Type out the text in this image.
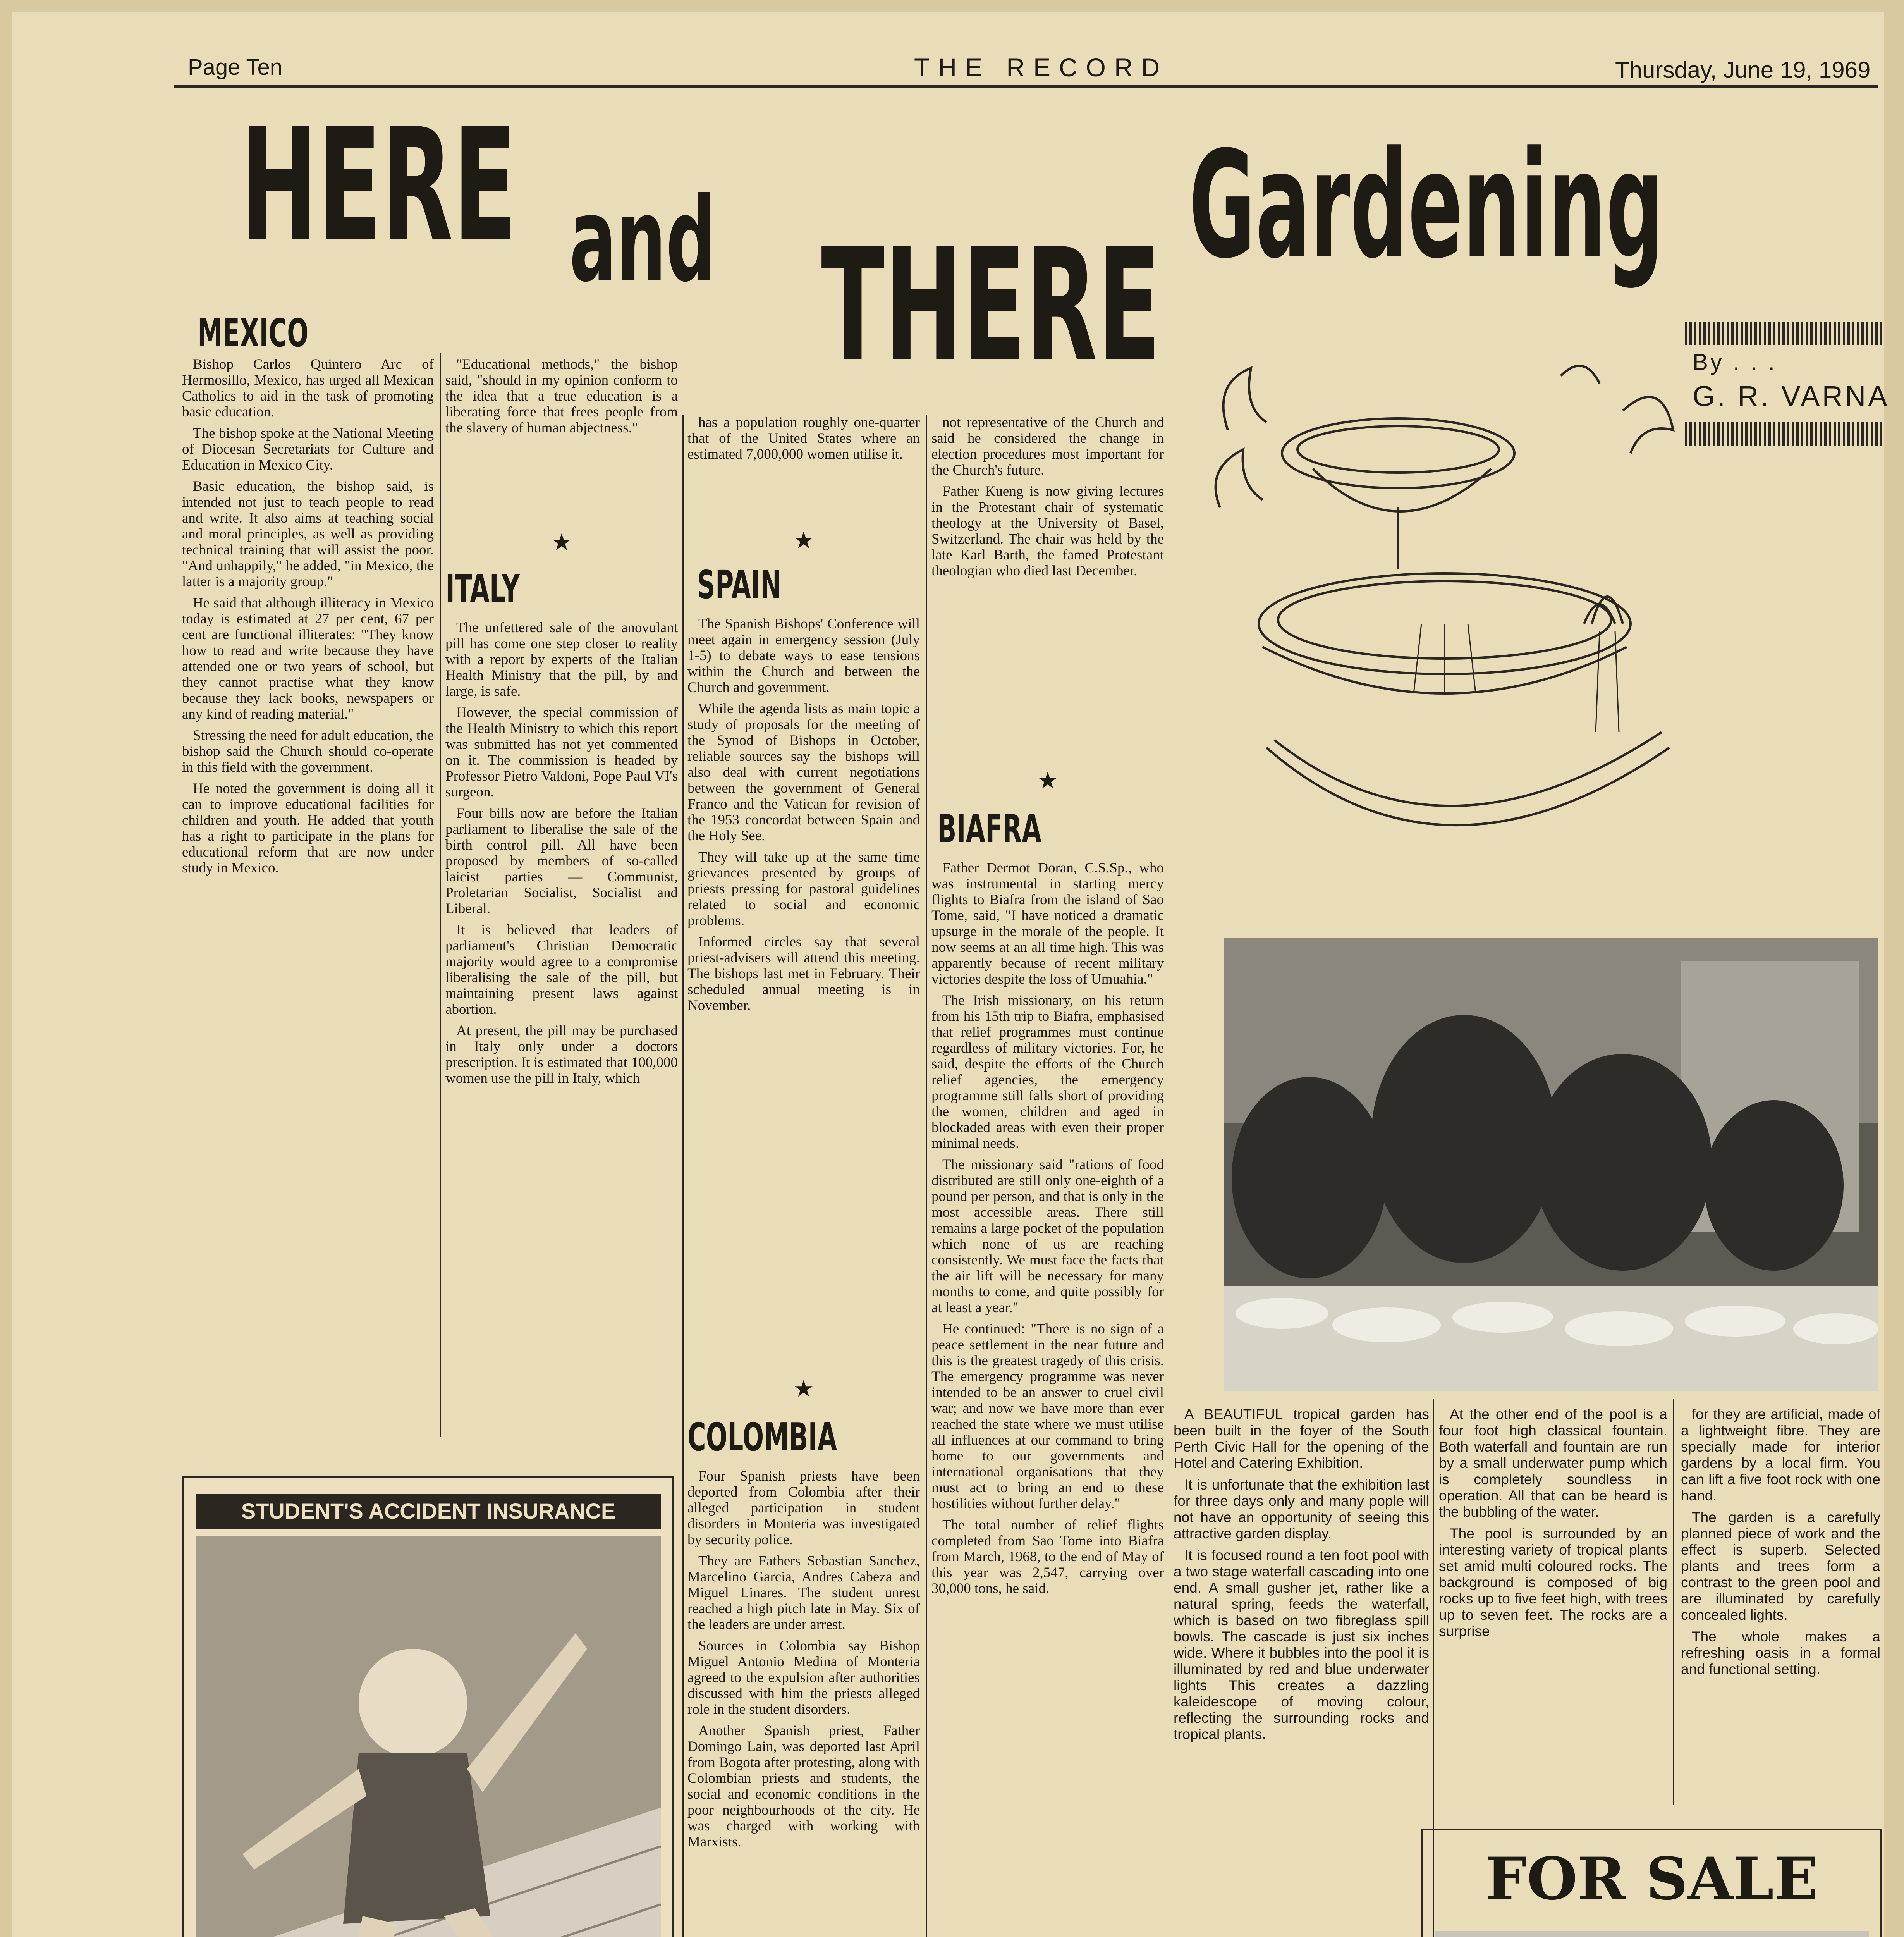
Page Ten	THE RECORD	Thursday, June 19, 1969
HERE and THERE
MEXICO

Bishop Carlos Quintero Arc of Hermosillo, Mexico, has urged all Mexican Catholics to aid in the task of promoting basic education.

The bishop spoke at the National Meeting of Diocesan Secretariats for Culture and Education in Mexico City.

Basic education, the bishop said, is intended not just to teach people to read and write. It also aims at teaching social and moral principles, as well as providing technical training that will assist the poor. "And unhappily," he added, "in Mexico, the latter is a majority group."

He said that although illiteracy in Mexico today is estimated at 27 per cent, 67 per cent are functional illiterates: "They know how to read and write because they have attended one or two years of school, but they cannot practise what they know because they lack books, newspapers or any kind of reading material."

Stressing the need for adult education, the bishop said the Church should co-operate in this field with the government.

He noted the government is doing all it can to improve educational facilities for children and youth. He added that youth has a right to participate in the plans for educational reform that are now under study in Mexico.

"Educational methods," the bishop said, "should in my opinion conform to the idea that a true education is a liberating force that frees people from the slavery of human abjectness."

★
ITALY

The unfettered sale of the anovulant pill has come one step closer to reality with a report by experts of the Italian Health Ministry that the pill, by and large, is safe.

However, the special commission of the Health Ministry to which this report was submitted has not yet commented on it. The commission is headed by Professor Pietro Valdoni, Pope Paul VI's surgeon.

Four bills now are before the Italian parliament to liberalise the sale of the birth control pill. All have been proposed by members of so-called laicist parties — Communist, Proletarian Socialist, Socialist and Liberal.

It is believed that leaders of parliament's Christian Democratic majority would agree to a compromise liberalising the sale of the pill, but maintaining present laws against abortion.

At present, the pill may be purchased in Italy only under a doctors prescription. It is estimated that 100,000 women use the pill in Italy, which

has a population roughly one-quarter that of the United States where an estimated 7,000,000 women utilise it.

★
SPAIN

The Spanish Bishops' Conference will meet again in emergency session (July 1-5) to debate ways to ease tensions within the Church and between the Church and government.

While the agenda lists as main topic a study of proposals for the meeting of the Synod of Bishops in October, reliable sources say the bishops will also deal with current negotiations between the government of General Franco and the Vatican for revision of the 1953 concordat between Spain and the Holy See.

They will take up at the same time grievances presented by groups of priests pressing for pastoral guidelines related to social and economic problems.

Informed circles say that several priest-advisers will attend this meeting. The bishops last met in February. Their scheduled annual meeting is in November.

★
COLOMBIA

Four Spanish priests have been deported from Colombia after their alleged participation in student disorders in Monteria was investigated by security police.

They are Fathers Sebastian Sanchez, Marcelino Garcia, Andres Cabeza and Miguel Linares. The student unrest reached a high pitch late in May. Six of the leaders are under arrest.

Sources in Colombia say Bishop Miguel Antonio Medina of Monteria agreed to the expulsion after authorities discussed with him the priests alleged role in the student disorders.

Another Spanish priest, Father Domingo Lain, was deported last April from Bogota after protesting, along with Colombian priests and students, the social and economic conditions in the poor neighbourhoods of the city. He was charged with working with Marxists.

not representative of the Church and said he considered the change in election procedures most important for the Church's future.

Father Kueng is now giving lectures in the Protestant chair of systematic theology at the University of Basel, Switzerland. The chair was held by the late Karl Barth, the famed Protestant theologian who died last December.

★
BIAFRA

Father Dermot Doran, C.S.Sp., who was instrumental in starting mercy flights to Biafra from the island of Sao Tome, said, "I have noticed a dramatic upsurge in the morale of the people. It now seems at an all time high. This was apparently because of recent military victories despite the loss of Umuahia."

The Irish missionary, on his return from his 15th trip to Biafra, emphasised that relief programmes must continue regardless of military victories. For, he said, despite the efforts of the Church relief agencies, the emergency programme still falls short of providing the women, children and aged in blockaded areas with even their proper minimal needs.

The missionary said "rations of food distributed are still only one-eighth of a pound per person, and that is only in the most accessible areas. There still remains a large pocket of the population which none of us are reaching consistently. We must face the facts that the air lift will be necessary for many months to come, and quite possibly for at least a year."

He continued: "There is no sign of a peace settlement in the near future and this is the greatest tragedy of this crisis. The emergency programme was never intended to be an answer to cruel civil war; and now we have more than ever reached the state where we must utilise all influences at our command to bring home to our governments and international organisations that they must act to bring an end to these hostilities without further delay."

The total number of relief flights completed from Sao Tome into Biafra from March, 1968, to the end of May of this year was 2,547, carrying over 30,000 tons, he said.

STUDENT'S ACCIDENT INSURANCE
Gardening
By . . .
G. R. VARNA

A BEAUTIFUL tropical garden has been built in the foyer of the South Perth Civic Hall for the opening of the Hotel and Catering Exhibition.

It is unfortunate that the exhibition last for three days only and many pople will not have an opportunity of seeing this attractive garden display.

It is focused round a ten foot pool with a two stage waterfall cascading into one end. A small gusher jet, rather like a natural spring, feeds the waterfall, which is based on two fibreglass spill bowls. The cascade is just six inches wide. Where it bubbles into the pool it is illuminated by red and blue underwater lights This creates a dazzling kaleidescope of moving colour, reflecting the surrounding rocks and tropical plants.

At the other end of the pool is a four foot high classical fountain. Both waterfall and fountain are run by a small underwater pump which is completely soundless in operation. All that can be heard is the bubbling of the water.

The pool is surrounded by an interesting variety of tropical plants set amid multi coloured rocks. The background is composed of big rocks up to five feet high, with trees up to seven feet. The rocks are a surprise

for they are artificial, made of a lightweight fibre. They are specially made for interior gardens by a local firm. You can lift a five foot rock with one hand.

The garden is a carefully planned piece of work and the effect is superb. Selected plants and trees form a contrast to the green pool and are illuminated by carefully concealed lights.

The whole makes a refreshing oasis in a formal and functional setting.

FOR SALE
